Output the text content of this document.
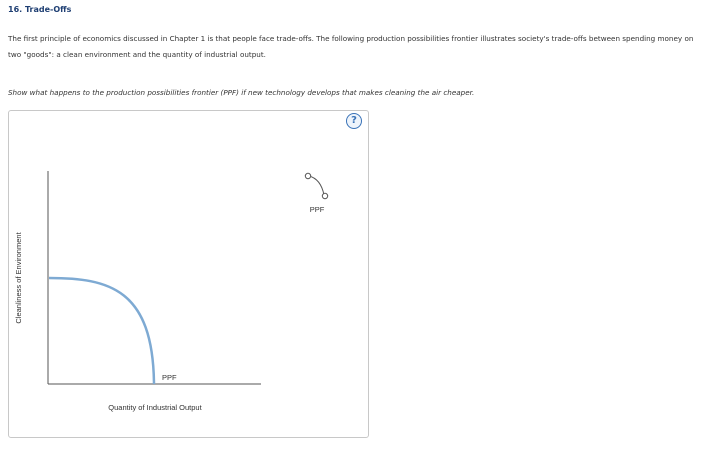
16. Trade-Offs

The first principle of economics discussed in Chapter 1 is that people face trade-offs. The following production possibilities frontier illustrates society's trade-offs between spending money on two "goods": a clean environment and the quantity of industrial output.

Show what happens to the production possibilities frontier (PPF) if new technology develops that makes cleaning the air cheaper.

?
PPF
Quantity of Industrial Output
Cleanliness of Environment
PPF
